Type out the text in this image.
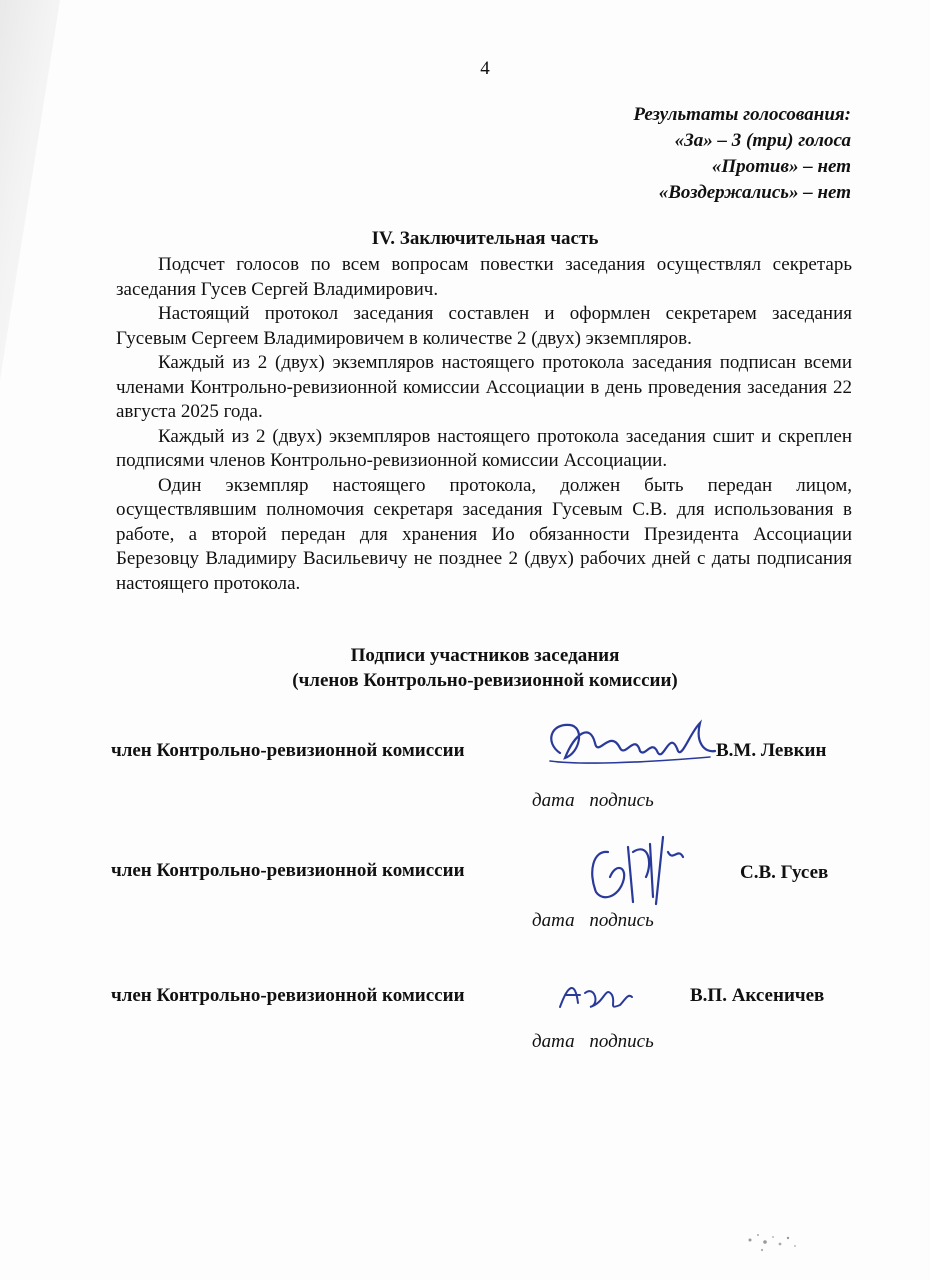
4
Результаты голосования:
«За» – 3 (три) голоса
«Против» – нет
«Воздержались» – нет
IV. Заключительная часть

Подсчет голосов по всем вопросам повестки заседания осуществлял секретарь заседания Гусев Сергей Владимирович.

Настоящий протокол заседания составлен и оформлен секретарем заседания Гусевым Сергеем Владимировичем в количестве 2 (двух) экземпляров.

Каждый из 2 (двух) экземпляров настоящего протокола заседания подписан всеми членами Контрольно-ревизионной комиссии Ассоциации в день проведения заседания 22 августа 2025 года.

Каждый из 2 (двух) экземпляров настоящего протокола заседания сшит и скреплен подписями членов Контрольно-ревизионной комиссии Ассоциации.

Один экземпляр настоящего протокола, должен быть передан лицом, осуществлявшим полномочия секретаря заседания Гусевым С.В. для использования в работе, а второй передан для хранения Ио обязанности Президента Ассоциации Березовцу Владимиру Васильевичу не позднее 2 (двух) рабочих дней с даты подписания настоящего протокола.

Подписи участников заседания
(членов Контрольно-ревизионной комиссии)
член Контрольно-ревизионной комиссии	В.М. Левкин
дата подпись
член Контрольно-ревизионной комиссии	С.В. Гусев
дата подпись
член Контрольно-ревизионной комиссии	В.П. Аксеничев
дата подпись
